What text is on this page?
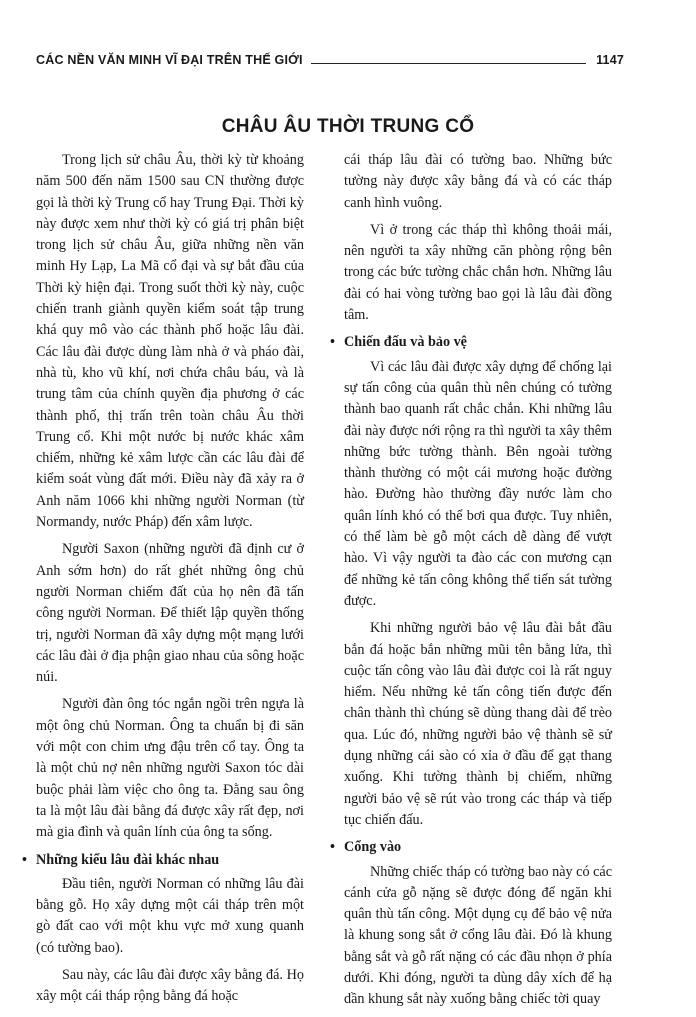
CÁC NỀN VĂN MINH VĨ ĐẠI TRÊN THẾ GIỚI	1147
CHÂU ÂU THỜI TRUNG CỔ

Trong lịch sử châu Âu, thời kỳ từ khoảng năm 500 đến năm 1500 sau CN thường được gọi là thời kỳ Trung cổ hay Trung Đại. Thời kỳ này được xem như thời kỳ có giá trị phân biệt trong lịch sử châu Âu, giữa những nền văn minh Hy Lạp, La Mã cổ đại và sự bắt đầu của Thời kỳ hiện đại. Trong suốt thời kỳ này, cuộc chiến tranh giành quyền kiểm soát tập trung khá quy mô vào các thành phố hoặc lâu đài. Các lâu đài được dùng làm nhà ở và pháo đài, nhà tù, kho vũ khí, nơi chứa châu báu, và là trung tâm của chính quyền địa phương ở các thành phố, thị trấn trên toàn châu Âu thời Trung cổ. Khi một nước bị nước khác xâm chiếm, những kẻ xâm lược cần các lâu đài để kiểm soát vùng đất mới. Điều này đã xảy ra ở Anh năm 1066 khi những người Norman (từ Normandy, nước Pháp) đến xâm lược.

Người Saxon (những người đã định cư ở Anh sớm hơn) do rất ghét những ông chủ người Norman chiếm đất của họ nên đã tấn công người Norman. Để thiết lập quyền thống trị, người Norman đã xây dựng một mạng lưới các lâu đài ở địa phận giao nhau của sông hoặc núi.

Người đàn ông tóc ngắn ngồi trên ngựa là một ông chủ Norman. Ông ta chuẩn bị đi săn với một con chim ưng đậu trên cổ tay. Ông ta là một chủ nợ nên những người Saxon tóc dài buộc phải làm việc cho ông ta. Đằng sau ông ta là một lâu đài bằng đá được xây rất đẹp, nơi mà gia đình và quân lính của ông ta sống.

• Những kiểu lâu đài khác nhau

Đầu tiên, người Norman có những lâu đài bằng gỗ. Họ xây dựng một cái tháp trên một gò đất cao với một khu vực mở xung quanh (có tường bao).

Sau này, các lâu đài được xây bằng đá. Họ xây một cái tháp rộng bằng đá hoặc

cái tháp lâu đài có tường bao. Những bức tường này được xây bằng đá và có các tháp canh hình vuông.

Vì ở trong các tháp thì không thoải mái, nên người ta xây những căn phòng rộng bên trong các bức tường chắc chắn hơn. Những lâu đài có hai vòng tường bao gọi là lâu đài đồng tâm.

• Chiến đấu và bảo vệ

Vì các lâu đài được xây dựng để chống lại sự tấn công của quân thù nên chúng có tường thành bao quanh rất chắc chắn. Khi những lâu đài này được nới rộng ra thì người ta xây thêm những bức tường thành. Bên ngoài tường thành thường có một cái mương hoặc đường hào. Đường hào thường đầy nước làm cho quân lính khó có thể bơi qua được. Tuy nhiên, có thể làm bè gỗ một cách dễ dàng để vượt hào. Vì vậy người ta đào các con mương cạn để những kẻ tấn công không thể tiến sát tường được.

Khi những người bảo vệ lâu đài bắt đầu bắn đá hoặc bắn những mũi tên bằng lửa, thì cuộc tấn công vào lâu đài được coi là rất nguy hiểm. Nếu những kẻ tấn công tiến được đến chân thành thì chúng sẽ dùng thang dài để trèo qua. Lúc đó, những người bảo vệ thành sẽ sử dụng những cái sào có xỉa ở đầu để gạt thang xuống. Khi tường thành bị chiếm, những người bảo vệ sẽ rút vào trong các tháp và tiếp tục chiến đấu.

• Cổng vào

Những chiếc tháp có tường bao này có các cánh cửa gỗ nặng sẽ được đóng để ngăn khi quân thù tấn công. Một dụng cụ để bảo vệ nửa là khung song sắt ở cổng lâu đài. Đó là khung bằng sắt và gỗ rất nặng có các đầu nhọn ở phía dưới. Khi đóng, người ta dùng dây xích để hạ dần khung sắt này xuống bằng chiếc tời quay
